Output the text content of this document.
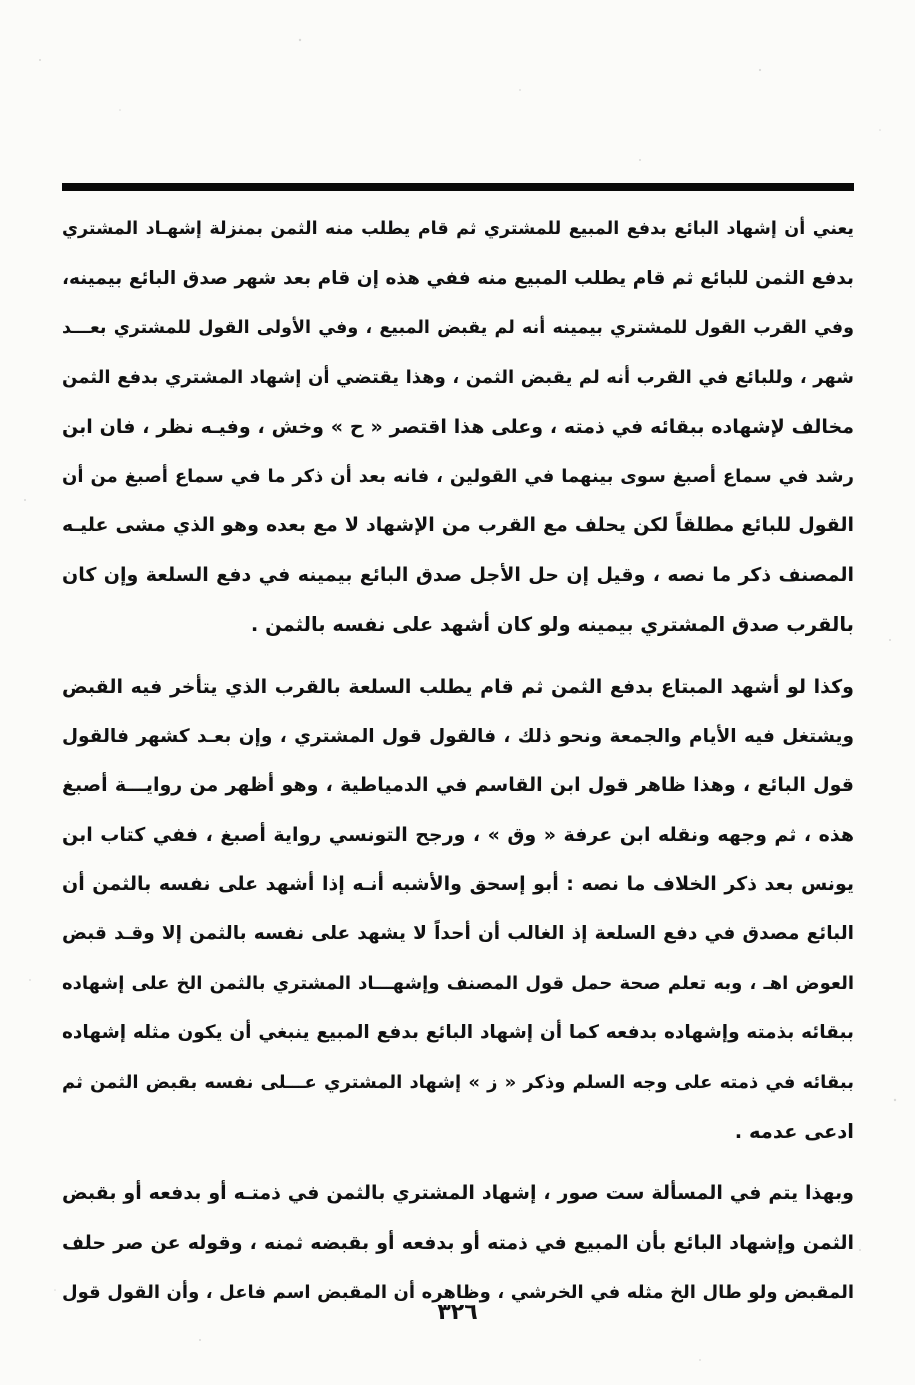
يعني أن إشهاد البائع بدفع المبيع للمشتري ثم قام يطلب منه الثمن بمنزلة إشهـاد المشتري
بدفع الثمن للبائع ثم قام يطلب المبيع منه ففي هذه إن قام بعد شهر صدق البائع بيمينه،
وفي القرب القول للمشتري بيمينه أنه لم يقبض المبيع ، وفي الأولى القول للمشتري بعـــد
شهر ، وللبائع في القرب أنه لم يقبض الثمن ، وهذا يقتضي أن إشهاد المشتري بدفع الثمن
مخالف لإشهاده ببقائه في ذمته ، وعلى هذا اقتصر « ح » وخش ، وفيـه نظر ، فان ابن
رشد في سماع أصبغ سوى بينهما في القولين ، فانه بعد أن ذكر ما في سماع أصبغ من أن
القول للبائع مطلقاً لكن يحلف مع القرب من الإشهاد لا مع بعده وهو الذي مشى عليـه
المصنف ذكر ما نصه ، وقيل إن حل الأجل صدق البائع بيمينه في دفع السلعة وإن كان
بالقرب صدق المشتري بيمينه ولو كان أشهد على نفسه بالثمن .
وكذا لو أشهد المبتاع بدفع الثمن ثم قام يطلب السلعة بالقرب الذي يتأخر فيه القبض
ويشتغل فيه الأيام والجمعة ونحو ذلك ، فالقول قول المشتري ، وإن بعـد كشهر فالقول
قول البائع ، وهذا ظاهر قول ابن القاسم في الدمياطية ، وهو أظهر من روايـــة أصبغ
هذه ، ثم وجهه ونقله ابن عرفة « وق » ، ورجح التونسي رواية أصبغ ، ففي كتاب ابن
يونس بعد ذكر الخلاف ما نصه : أبو إسحق والأشبه أنـه إذا أشهد على نفسه بالثمن أن
البائع مصدق في دفع السلعة إذ الغالب أن أحداً لا يشهد على نفسه بالثمن إلا وقـد قبض
العوض اهـ ، وبه تعلم صحة حمل قول المصنف وإشهـــاد المشتري بالثمن الخ على إشهاده
ببقائه بذمته وإشهاده بدفعه كما أن إشهاد البائع بدفع المبيع ينبغي أن يكون مثله إشهاده
ببقائه في ذمته على وجه السلم وذكر « ز » إشهاد المشتري عـــلى نفسه بقبض الثمن ثم
ادعى عدمه .
وبهذا يتم في المسألة ست صور ، إشهاد المشتري بالثمن في ذمتـه أو بدفعه أو بقبض
الثمن وإشهاد البائع بأن المبيع في ذمته أو بدفعه أو بقبضه ثمنه ، وقوله عن صر حلف
المقبض ولو طال الخ مثله في الخرشي ، وظاهره أن المقبض اسم فاعل ، وأن القول قول
٣٢٦
